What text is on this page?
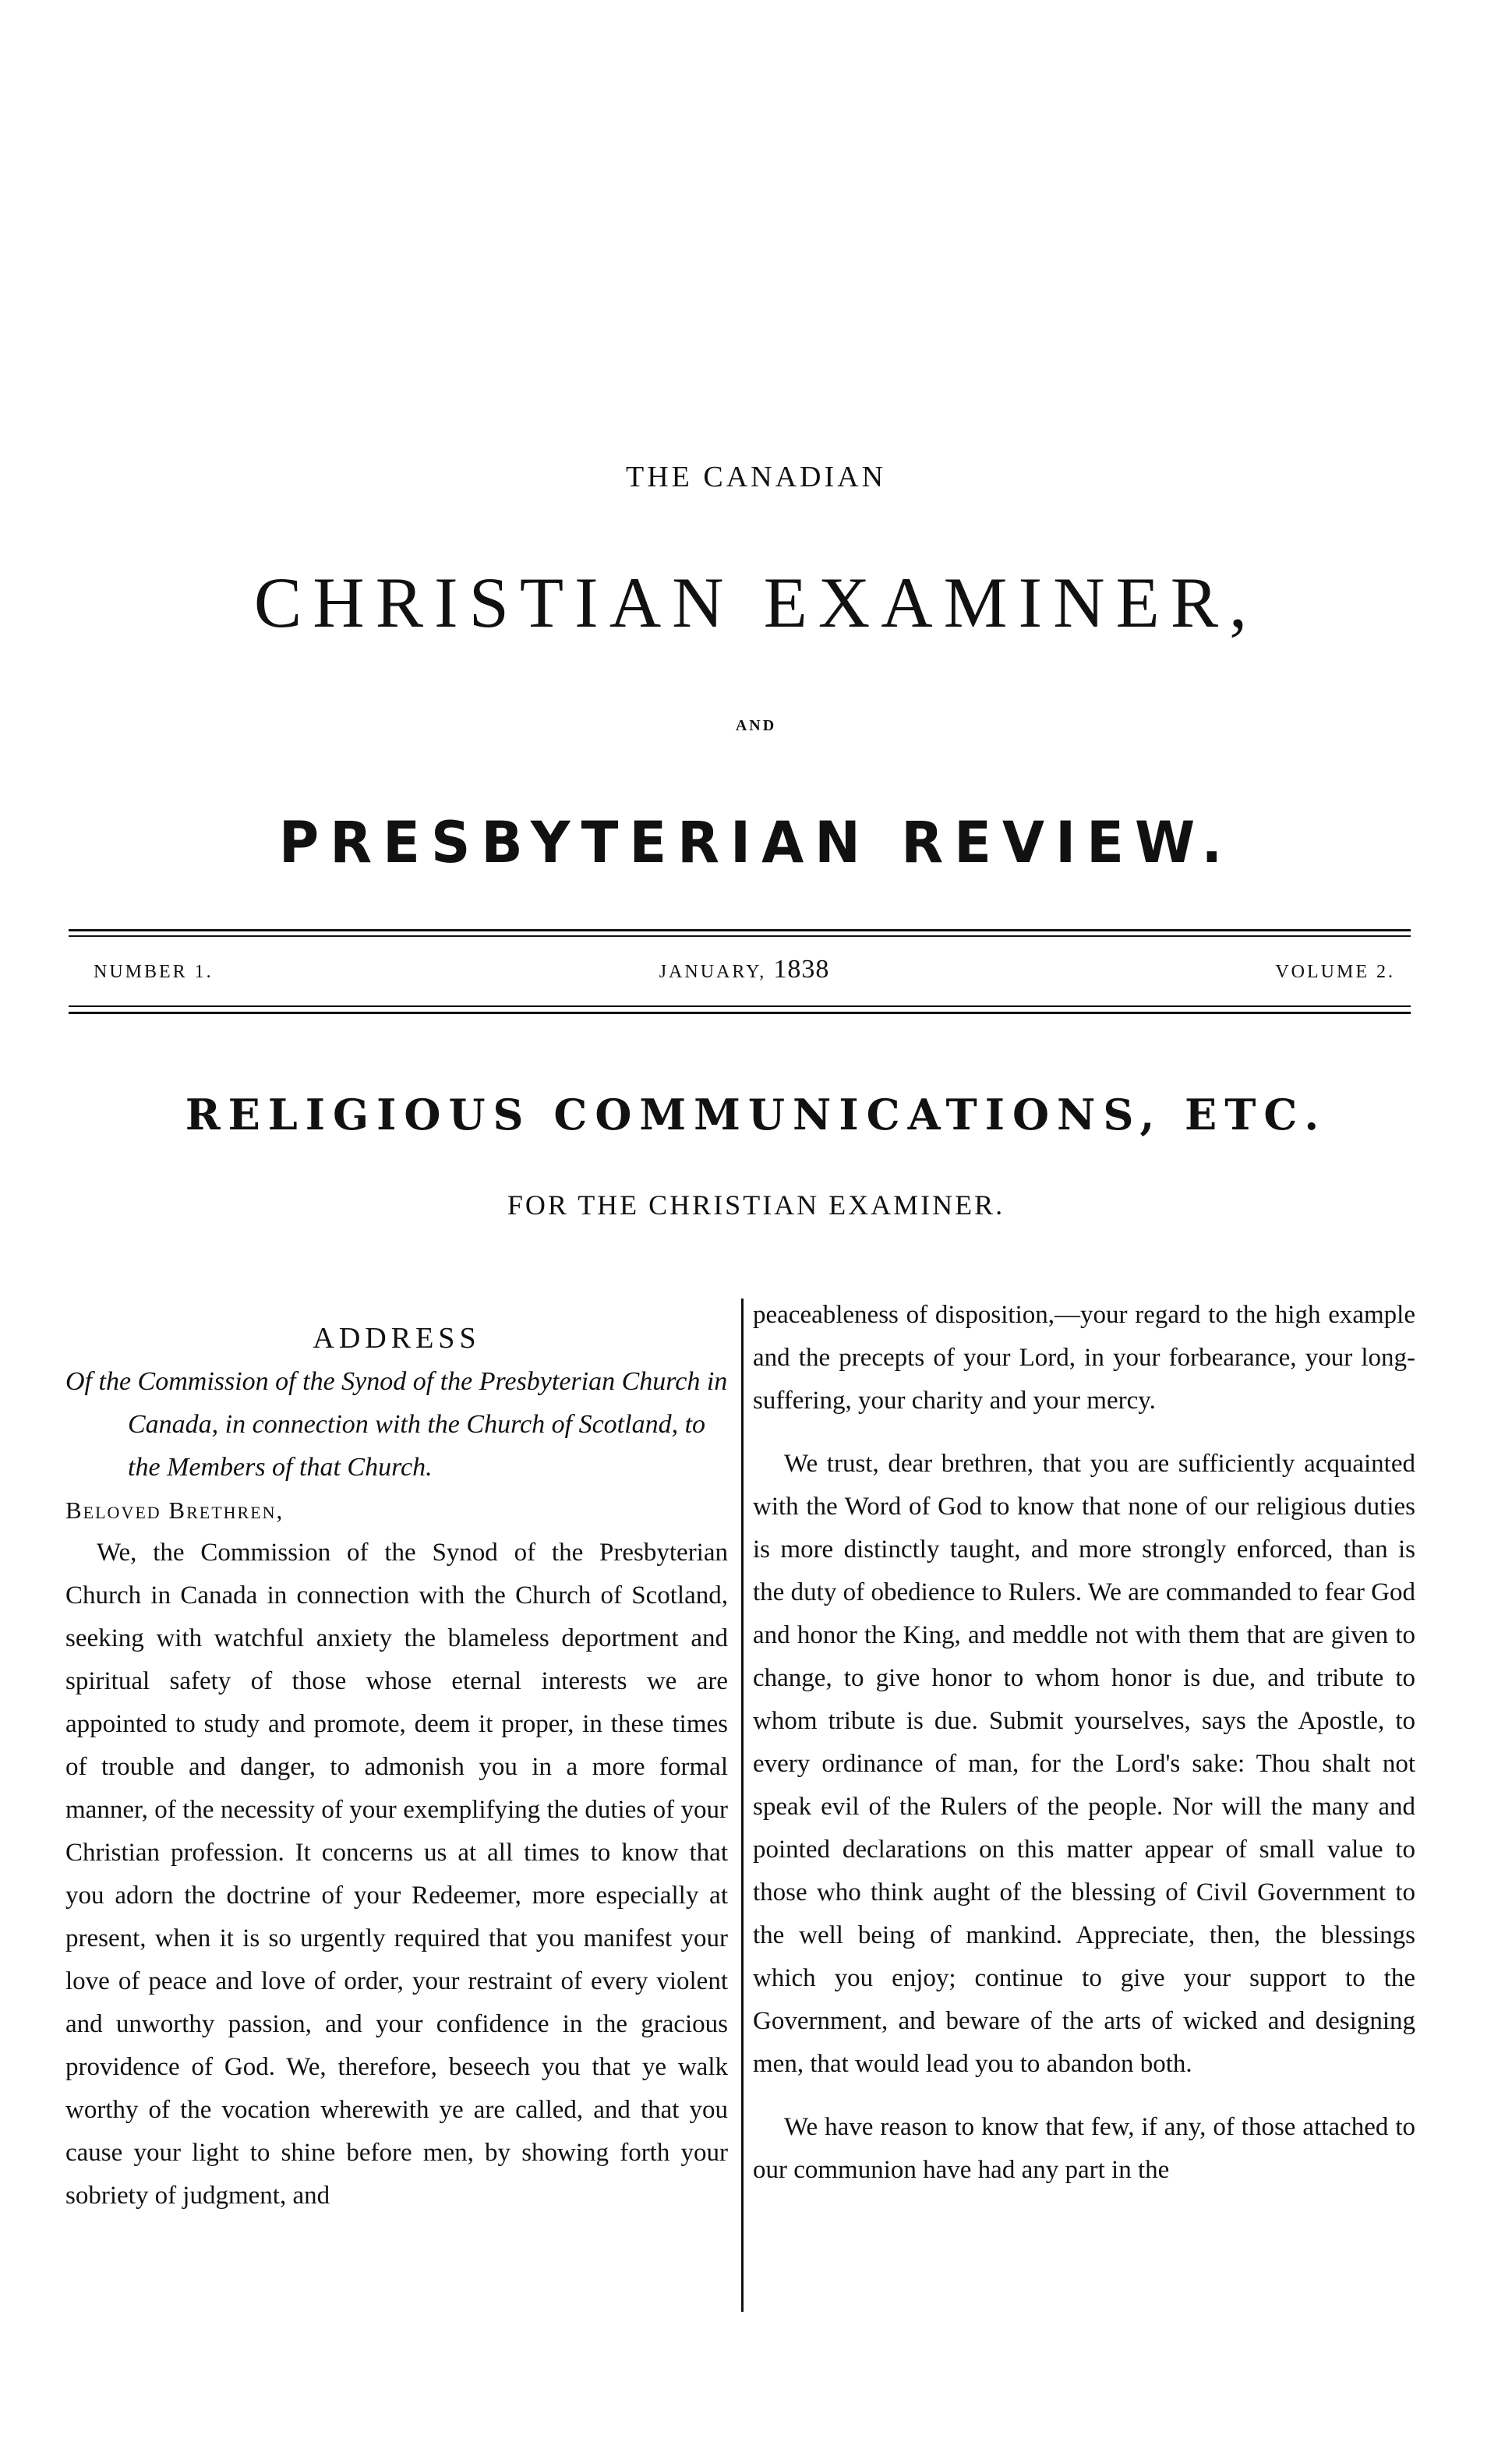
THE CANADIAN
CHRISTIAN EXAMINER,
AND
PRESBYTERIAN REVIEW.
NUMBER 1.	JANUARY, 1838	VOLUME 2.
RELIGIOUS COMMUNICATIONS, ETC.
FOR THE CHRISTIAN EXAMINER.
ADDRESS
Of the Commission of the Synod of the Presbyterian Church in Canada, in connection with the Church of Scotland, to the Members of that Church.

Beloved Brethren,

We, the Commission of the Synod of the Presbyterian Church in Canada in connection with the Church of Scotland, seeking with watchful anxiety the blameless deportment and spiritual safety of those whose eternal interests we are appointed to study and promote, deem it proper, in these times of trouble and danger, to admonish you in a more formal manner, of the necessity of your exemplifying the duties of your Christian profession. It concerns us at all times to know that you adorn the doctrine of your Redeemer, more especially at present, when it is so urgently required that you manifest your love of peace and love of order, your restraint of every violent and unworthy passion, and your confidence in the gracious providence of God. We, therefore, beseech you that ye walk worthy of the vocation wherewith ye are called, and that you cause your light to shine before men, by showing forth your sobriety of judgment, and

peaceableness of disposition,—your regard to the high example and the precepts of your Lord, in your forbearance, your long-suffering, your charity and your mercy.

We trust, dear brethren, that you are sufficiently acquainted with the Word of God to know that none of our religious duties is more distinctly taught, and more strongly enforced, than is the duty of obedience to Rulers. We are commanded to fear God and honor the King, and meddle not with them that are given to change, to give honor to whom honor is due, and tribute to whom tribute is due. Submit yourselves, says the Apostle, to every ordinance of man, for the Lord's sake: Thou shalt not speak evil of the Rulers of the people. Nor will the many and pointed declarations on this matter appear of small value to those who think aught of the blessing of Civil Government to the well being of mankind. Appreciate, then, the blessings which you enjoy; continue to give your support to the Government, and beware of the arts of wicked and designing men, that would lead you to abandon both.

We have reason to know that few, if any, of those attached to our communion have had any part in the
